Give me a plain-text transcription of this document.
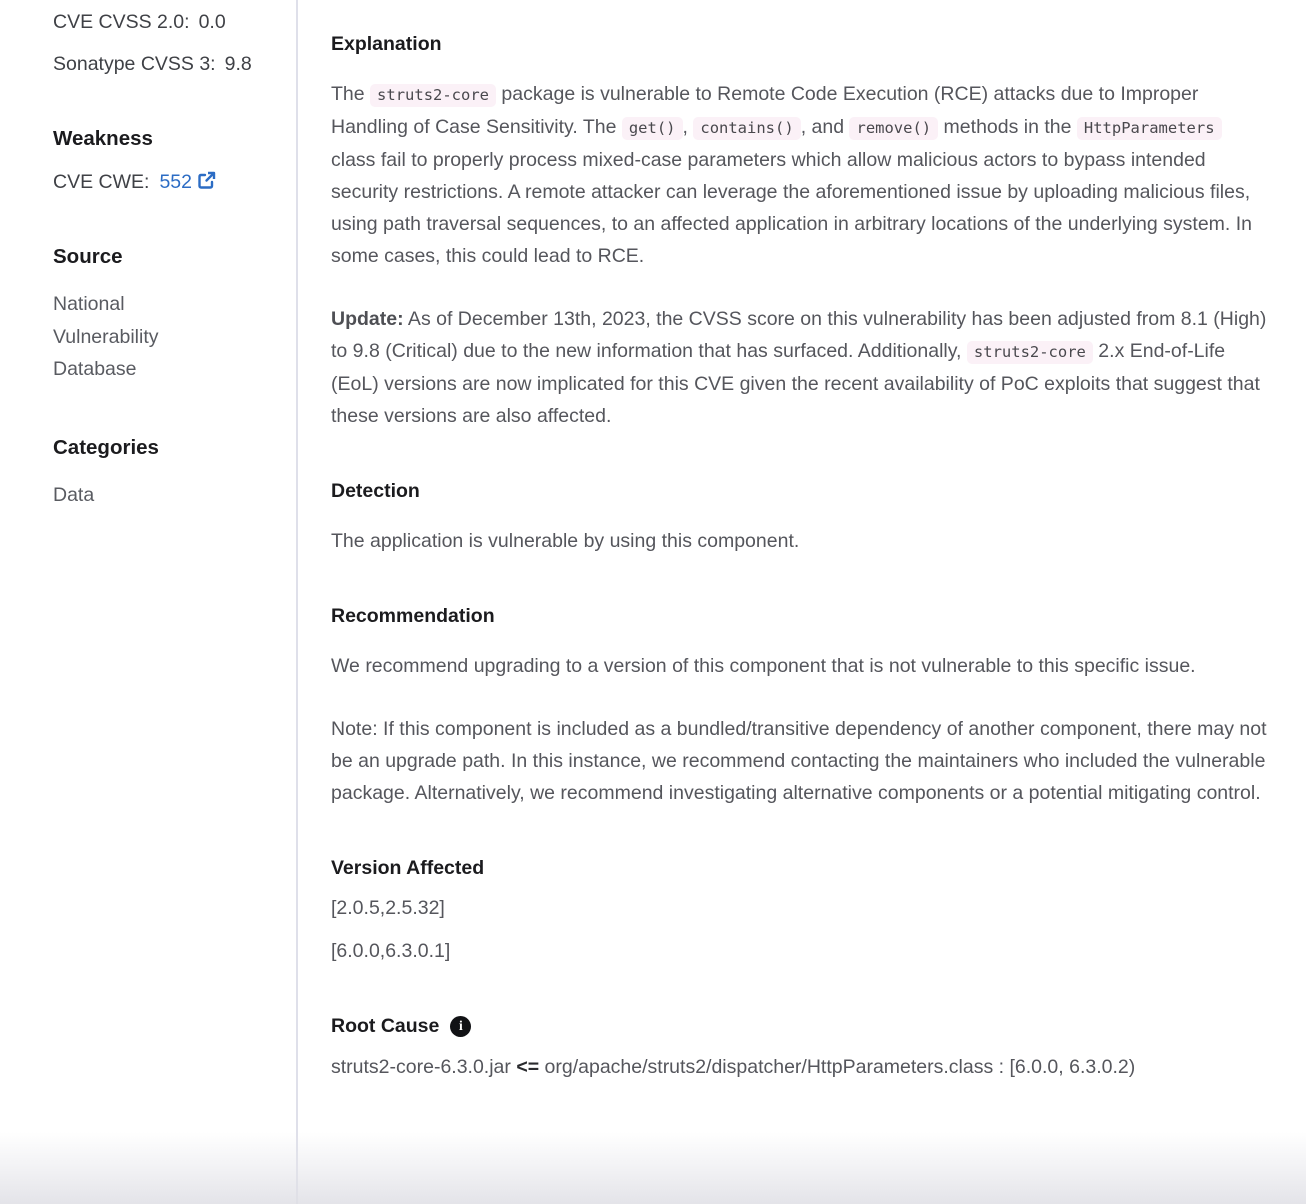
CVE CVSS 2.0: 0.0
Sonatype CVSS 3: 9.8
Weakness
CVE CWE: 552
Source
National Vulnerability Database
Categories
Data
Explanation

The struts2-core package is vulnerable to Remote Code Execution (RCE) attacks due to Improper Handling of Case Sensitivity. The get() , contains() , and remove() methods in the HttpParameters class fail to properly process mixed-case parameters which allow malicious actors to bypass intended security restrictions. A remote attacker can leverage the aforementioned issue by uploading malicious files, using path traversal sequences, to an affected application in arbitrary locations of the underlying system. In some cases, this could lead to RCE.

Update: As of December 13th, 2023, the CVSS score on this vulnerability has been adjusted from 8.1 (High) to 9.8 (Critical) due to the new information that has surfaced. Additionally, struts2-core 2.x End-of-Life (EoL) versions are now implicated for this CVE given the recent availability of PoC exploits that suggest that these versions are also affected.

Detection

The application is vulnerable by using this component.

Recommendation

We recommend upgrading to a version of this component that is not vulnerable to this specific issue.

Note: If this component is included as a bundled/transitive dependency of another component, there may not be an upgrade path. In this instance, we recommend contacting the maintainers who included the vulnerable package. Alternatively, we recommend investigating alternative components or a potential mitigating control.

Version Affected
[2.0.5,2.5.32]
[6.0.0,6.3.0.1]
Root Cause	i
struts2-core-6.3.0.jar <= org/apache/struts2/dispatcher/HttpParameters.class : [6.0.0, 6.3.0.2)
